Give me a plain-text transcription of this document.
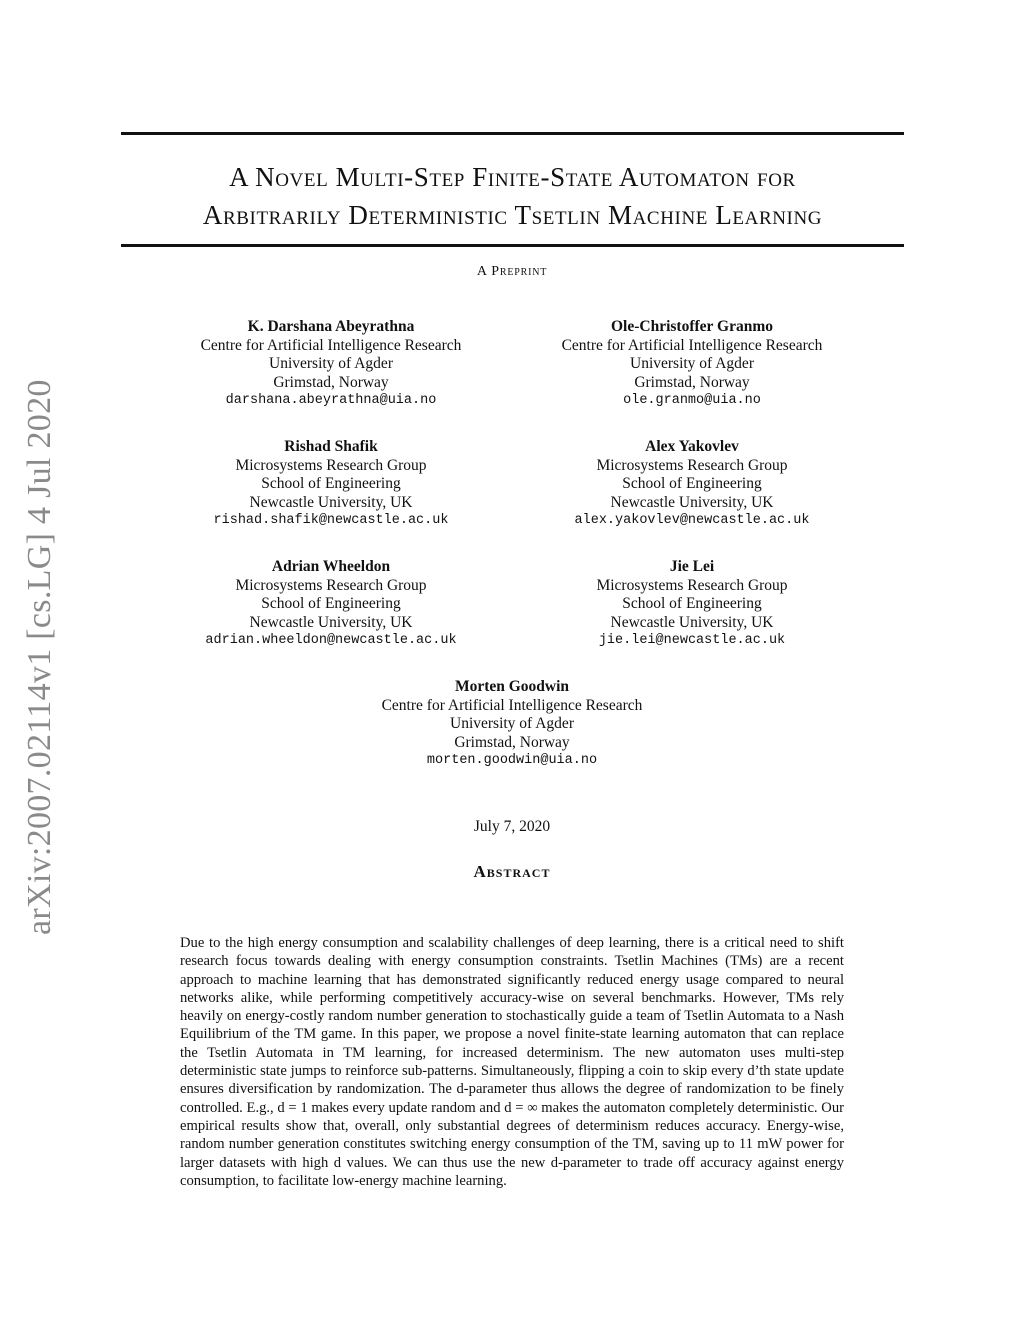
arXiv:2007.02114v1 [cs.LG] 4 Jul 2020
A Novel Multi-Step Finite-State Automaton for
Arbitrarily Deterministic Tsetlin Machine Learning
A Preprint
K. Darshana Abeyrathna
Centre for Artificial Intelligence Research
University of Agder
Grimstad, Norway
darshana.abeyrathna@uia.no
Ole-Christoffer Granmo
Centre for Artificial Intelligence Research
University of Agder
Grimstad, Norway
ole.granmo@uia.no
Rishad Shafik
Microsystems Research Group
School of Engineering
Newcastle University, UK
rishad.shafik@newcastle.ac.uk
Alex Yakovlev
Microsystems Research Group
School of Engineering
Newcastle University, UK
alex.yakovlev@newcastle.ac.uk
Adrian Wheeldon
Microsystems Research Group
School of Engineering
Newcastle University, UK
adrian.wheeldon@newcastle.ac.uk
Jie Lei
Microsystems Research Group
School of Engineering
Newcastle University, UK
jie.lei@newcastle.ac.uk
Morten Goodwin
Centre for Artificial Intelligence Research
University of Agder
Grimstad, Norway
morten.goodwin@uia.no
July 7, 2020
Abstract
Due to the high energy consumption and scalability challenges of deep learning, there is a critical need to shift research focus towards dealing with energy consumption constraints. Tsetlin Machines (TMs) are a recent approach to machine learning that has demonstrated significantly reduced energy usage compared to neural networks alike, while performing competitively accuracy-wise on several benchmarks. However, TMs rely heavily on energy-costly random number generation to stochastically guide a team of Tsetlin Automata to a Nash Equilibrium of the TM game. In this paper, we propose a novel finite-state learning automaton that can replace the Tsetlin Automata in TM learning, for increased determinism. The new automaton uses multi-step deterministic state jumps to reinforce sub-patterns. Simultaneously, flipping a coin to skip every d’th state update ensures diversification by randomization. The d-parameter thus allows the degree of randomization to be finely controlled. E.g., d = 1 makes every update random and d = ∞ makes the automaton completely deterministic. Our empirical results show that, overall, only substantial degrees of determinism reduces accuracy. Energy-wise, random number generation constitutes switching energy consumption of the TM, saving up to 11 mW power for larger datasets with high d values. We can thus use the new d-parameter to trade off accuracy against energy consumption, to facilitate low-energy machine learning.
